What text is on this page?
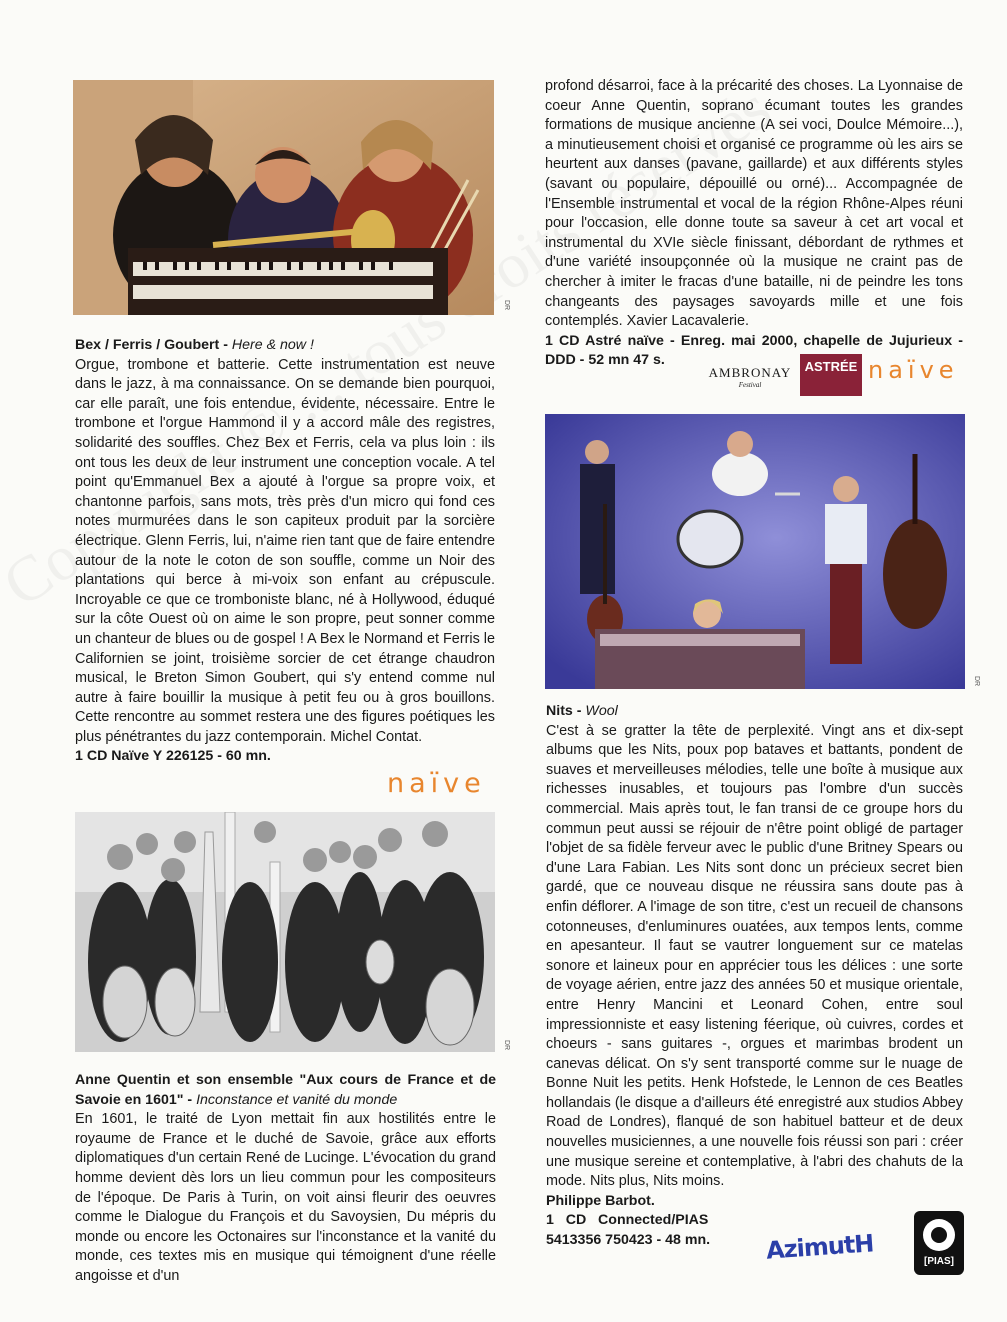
DR
Bex / Ferris / Goubert - Here & now !

Orgue, trombone et batterie. Cette instrumentation est neuve dans le jazz, à ma connaissance. On se demande bien pourquoi, car elle paraît, une fois entendue, évidente, nécessaire. Entre le trombone et l'orgue Hammond il y a accord mâle des registres, solidarité des souffles. Chez Bex et Ferris, cela va plus loin : ils ont tous les deux de leur instrument une conception vocale. A tel point qu'Emmanuel Bex a ajouté à l'orgue sa propre voix, et chantonne parfois, sans mots, très près d'un micro qui fond ces notes murmurées dans le son capiteux produit par la sorcière électrique. Glenn Ferris, lui, n'aime rien tant que de faire entendre autour de la note le coton de son souffle, comme un Noir des plantations qui berce à mi-voix son enfant au crépuscule. Incroyable ce que ce tromboniste blanc, né à Hollywood, éduqué sur la côte Ouest où on aime le son propre, peut sonner comme un chanteur de blues ou de gospel ! A Bex le Normand et Ferris le Californien se joint, troisième sorcier de cet étrange chaudron musical, le Breton Simon Goubert, qui s'y entend comme nul autre à faire bouillir la musique à petit feu ou à gros bouillons. Cette rencontre au sommet restera une des figures poétiques les plus pénétrantes du jazz contemporain. Michel Contat.

1 CD Naïve Y 226125 - 60 mn.
naïve
DR
Anne Quentin et son ensemble "Aux cours de France et de Savoie en 1601" - Inconstance et vanité du monde

En 1601, le traité de Lyon mettait fin aux hostilités entre le royaume de France et le duché de Savoie, grâce aux efforts diplomatiques d'un certain René de Lucinge. L'évocation du grand homme devient dès lors un lieu commun pour les compositeurs de l'époque. De Paris à Turin, on voit ainsi fleurir des oeuvres comme le Dialogue du François et du Savoysien, Du mépris du monde ou encore les Octonaires sur l'inconstance et la vanité du monde, ces textes mis en musique qui témoignent d'une réelle angoisse et d'un

profond désarroi, face à la précarité des choses. La Lyonnaise de coeur Anne Quentin, soprano écumant toutes les grandes formations de musique ancienne (A sei voci, Doulce Mémoire...), a minutieusement choisi et organisé ce programme où les airs se heurtent aux danses (pavane, gaillarde) et aux différents styles (savant ou populaire, dépouillé ou orné)... Accompagnée de l'Ensemble instrumental et vocal de la région Rhône-Alpes réuni pour l'occasion, elle donne toute sa saveur à cet art vocal et instrumental du XVIe siècle finissant, débordant de rythmes et d'une variété insoupçonnée où la musique ne craint pas de chercher à imiter le fracas d'une bataille, ni de peindre les tons changeants des paysages savoyards mille et une fois contemplés. Xavier Lacavalerie.

1 CD Astré naïve - Enreg. mai 2000, chapelle de Jujurieux - DDD - 52 mn 47 s.
AMBRONAY
Festival
ASTRÉE naïve
DR
Nits - Wool

C'est à se gratter la tête de perplexité. Vingt ans et dix-sept albums que les Nits, poux pop bataves et battants, pondent de suaves et merveilleuses mélodies, telle une boîte à musique aux richesses inusables, et toujours pas l'ombre d'un succès commercial. Mais après tout, le fan transi de ce groupe hors du commun peut aussi se réjouir de n'être point obligé de partager l'objet de sa fidèle ferveur avec le public d'une Britney Spears ou d'une Lara Fabian. Les Nits sont donc un précieux secret bien gardé, que ce nouveau disque ne réussira sans doute pas à enfin déflorer. A l'image de son titre, c'est un recueil de chansons cotonneuses, d'enluminures ouatées, aux tempos lents, comme en apesanteur. Il faut se vautrer longuement sur ce matelas sonore et laineux pour en apprécier tous les délices : une sorte de voyage aérien, entre jazz des années 50 et musique orientale, entre Henry Mancini et Leonard Cohen, entre soul impressionniste et easy listening féerique, où cuivres, cordes et choeurs - sans guitares -, orgues et marimbas brodent un canevas délicat. On s'y sent transporté comme sur le nuage de Bonne Nuit les petits. Henk Hofstede, le Lennon de ces Beatles hollandais (le disque a d'ailleurs été enregistré aux studios Abbey Road de Londres), flanqué de son habituel batteur et de deux nouvelles musiciennes, a une nouvelle fois réussi son pari : créer une musique sereine et contemplative, à l'abri des chahuts de la mode. Nits plus, Nits moins.

Philippe Barbot.
1   CD   Connected/PIAS
5413356 750423 - 48 mn.	AzimutH	[PIAS]
